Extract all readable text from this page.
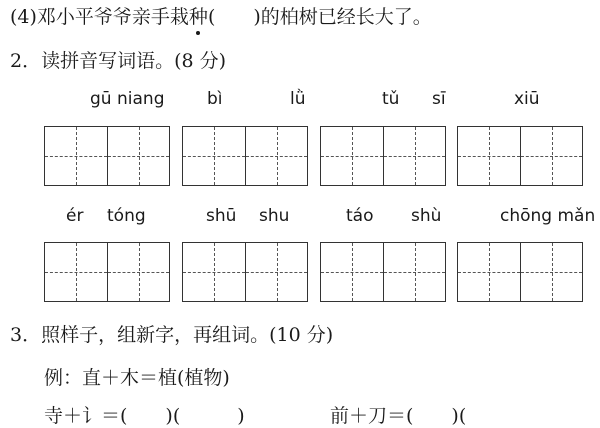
(4)邓小平爷爷亲手栽种(　　)的柏树已经长大了。
2．读拼音写词语。(8 分)
gū niang	bì	lǜ	tǔ sī	xiū
ér tóng	shū shu	táo shù	chōng mǎn
3．照样子，组新字，再组词。(10 分)
例：直＋木＝植(植物)
寺＋讠＝(　　)(　　　)	前＋刀＝(　　)(　　
